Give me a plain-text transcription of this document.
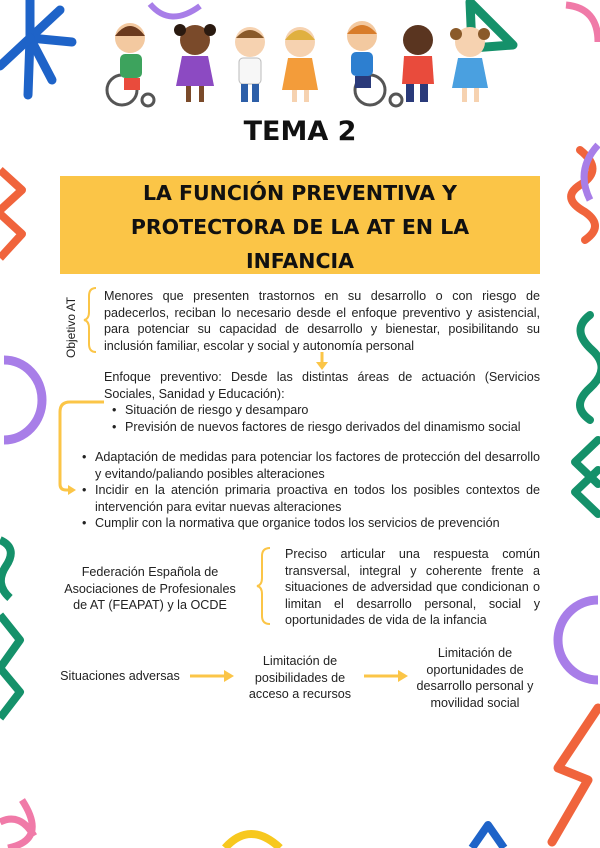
TEMA 2
LA FUNCIÓN PREVENTIVA Y
PROTECTORA DE LA AT EN LA
INFANCIA
Objetivo AT
Menores que presenten trastornos en su desarrollo o con riesgo de padecerlos, reciban lo necesario desde el enfoque preventivo y asistencial, para potenciar su capacidad de desarrollo y bienestar, posibilitando su inclusión familiar, escolar y social y autonomía personal
Enfoque preventivo: Desde las distintas áreas de actuación (Servicios Sociales, Sanidad y Educación):
• Situación de riesgo y desamparo
• Previsión de nuevos factores de riesgo derivados del dinamismo social
• Adaptación de medidas para potenciar los factores de protección del desarrollo y evitando/paliando posibles alteraciones
• Incidir en la atención primaria proactiva en todos los posibles contextos de intervención para evitar nuevas alteraciones
• Cumplir con la normativa que organice todos los servicios de prevención
Federación Española de Asociaciones de Profesionales de AT (FEAPAT) y la OCDE
Preciso articular una respuesta común transversal, integral y coherente frente a situaciones de adversidad que condicionan o limitan el desarrollo personal, social y oportunidades de vida de la infancia
Situaciones adversas
Limitación de posibilidades de acceso a recursos
Limitación de oportunidades de desarrollo personal y movilidad social
